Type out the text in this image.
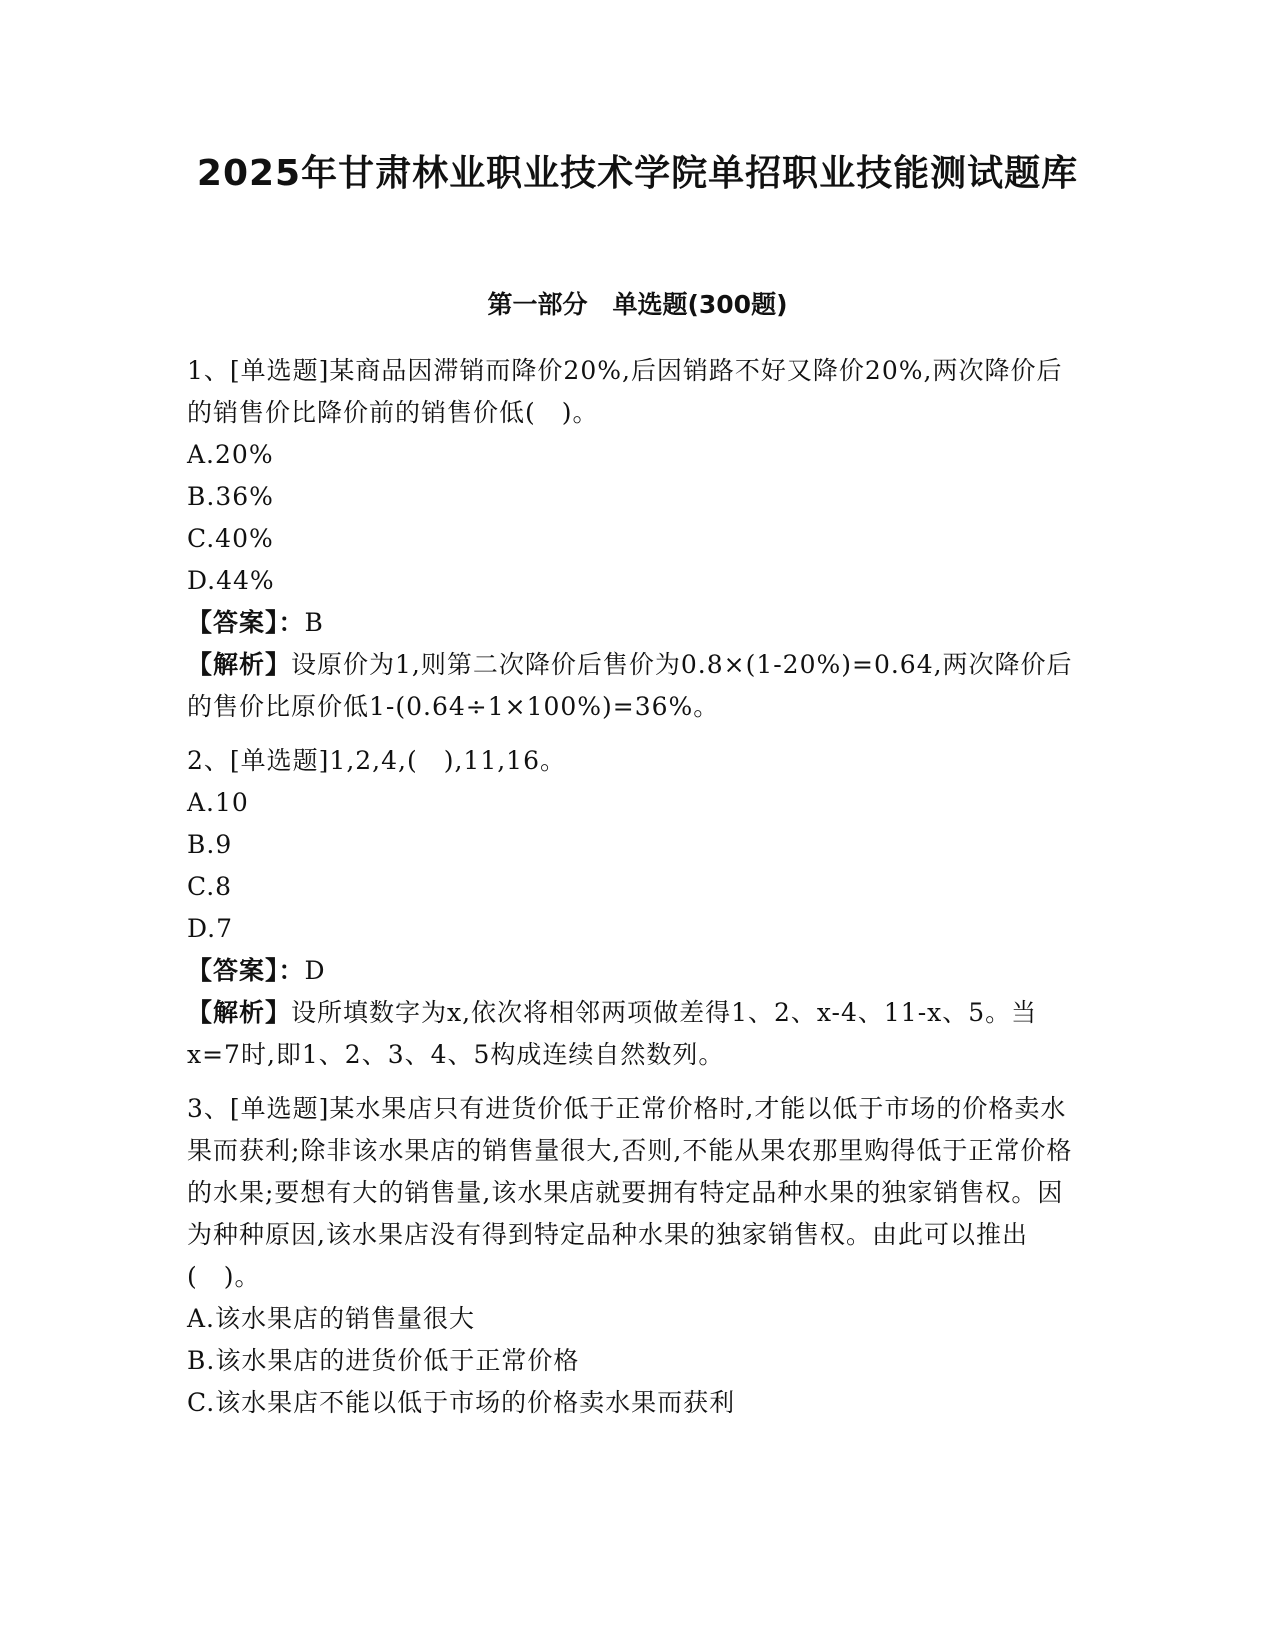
2025年甘肃林业职业技术学院单招职业技能测试题库
第一部分　单选题(300题)
1、[单选题]某商品因滞销而降价20%,后因销路不好又降价20%,两次降价后的销售价比降价前的销售价低(　)。
A.20%
B.36%
C.40%
D.44%
【答案】：B
【解析】设原价为1,则第二次降价后售价为0.8×(1-20%)=0.64,两次降价后的售价比原价低1-(0.64÷1×100%)=36%。
2、[单选题]1,2,4,(　),11,16。
A.10
B.9
C.8
D.7
【答案】：D
【解析】设所填数字为x,依次将相邻两项做差得1、2、x-4、11-x、5。当x=7时,即1、2、3、4、5构成连续自然数列。
3、[单选题]某水果店只有进货价低于正常价格时,才能以低于市场的价格卖水果而获利;除非该水果店的销售量很大,否则,不能从果农那里购得低于正常价格的水果;要想有大的销售量,该水果店就要拥有特定品种水果的独家销售权。因为种种原因,该水果店没有得到特定品种水果的独家销售权。由此可以推出(　)。
A.该水果店的销售量很大
B.该水果店的进货价低于正常价格
C.该水果店不能以低于市场的价格卖水果而获利
